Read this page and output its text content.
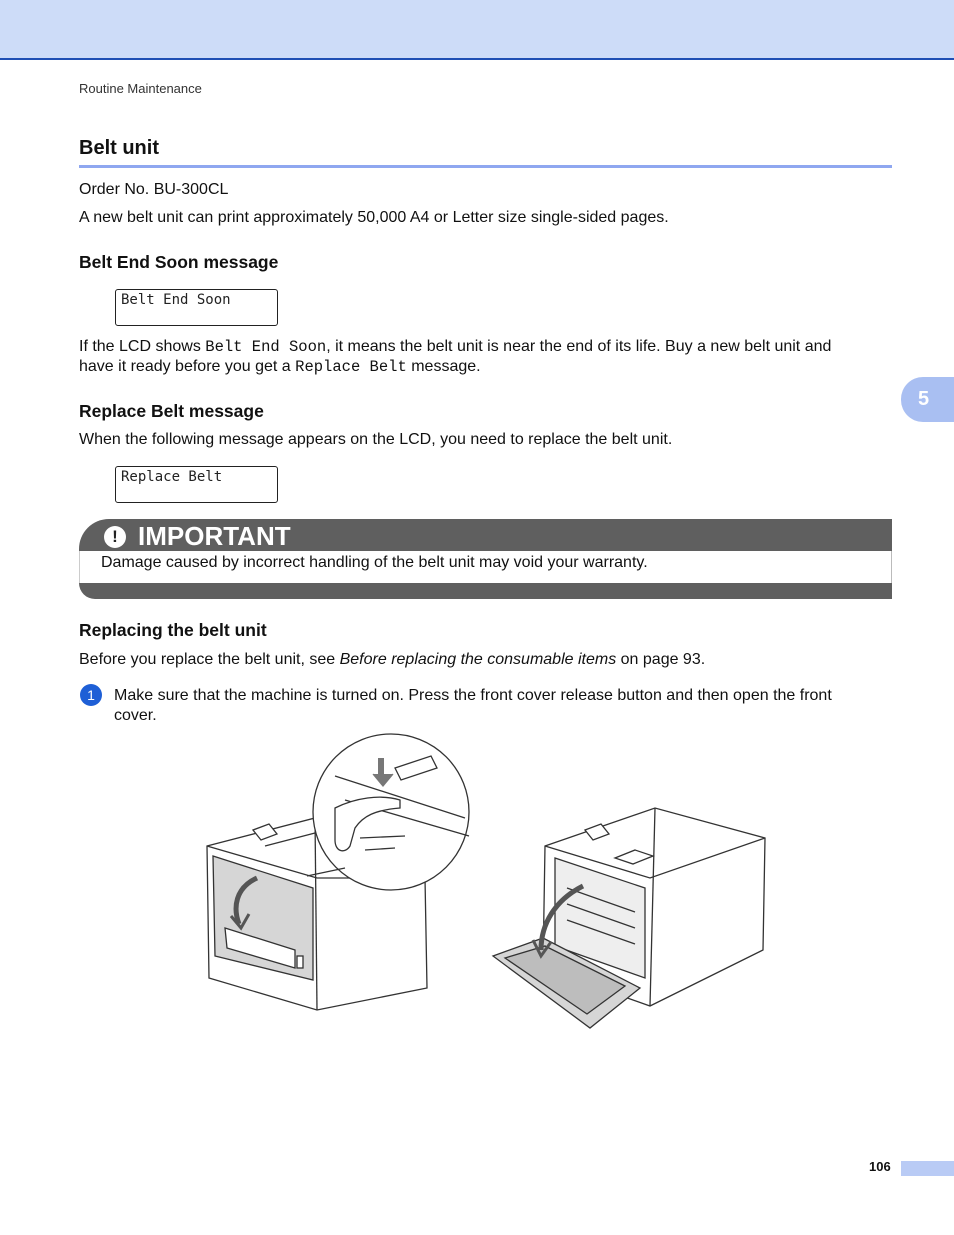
Routine Maintenance
5
Belt unit
Order No. BU-300CL
A new belt unit can print approximately 50,000 A4 or Letter size single-sided pages.
Belt End Soon message
Belt End Soon
If the LCD shows Belt End Soon, it means the belt unit is near the end of its life. Buy a new belt unit and
have it ready before you get a Replace Belt message.
Replace Belt message
When the following message appears on the LCD, you need to replace the belt unit.
Replace Belt
! IMPORTANT
Damage caused by incorrect handling of the belt unit may void your warranty.
Replacing the belt unit
Before you replace the belt unit, see Before replacing the consumable items on page 93.
1	Make sure that the machine is turned on. Press the front cover release button and then open the front
cover.
106
